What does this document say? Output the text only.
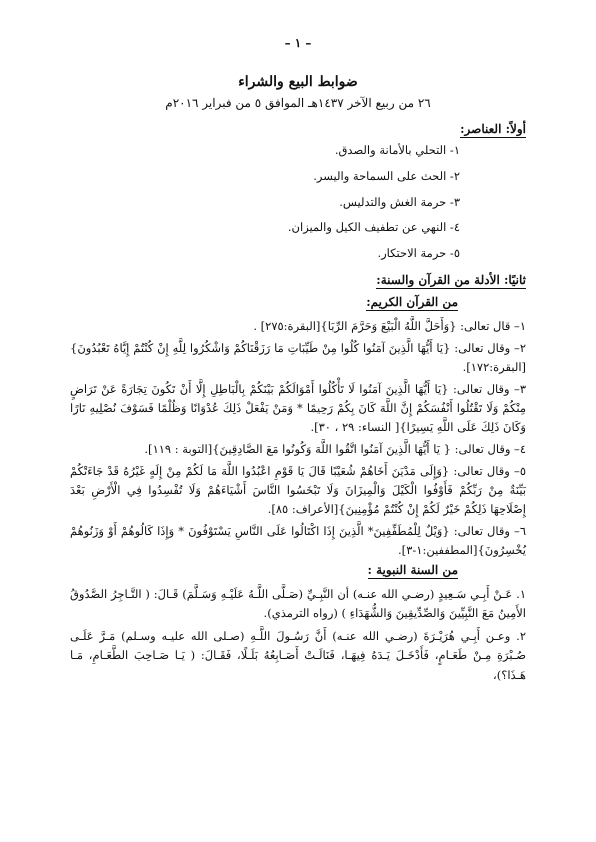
– ١ –
ضوابط البيع والشراء
٢٦ من ربيع الآخر ١٤٣٧هـ الموافق ٥ من فبراير ٢٠١٦م
أولاً: العناصر:
١- التحلي بالأمانة والصدق.
٢- الحث على السماحة واليسر.
٣- حرمة الغش والتدليس.
٤- النهي عن تطفيف الكيل والميزان.
٥- حرمة الاحتكار.
ثانيًا: الأدلة من القرآن والسنة:
من القرآن الكريم:

١– قال تعالى: {وَأَحَلَّ اللَّهُ الْبَيْعَ وَحَرَّمَ الرِّبَا}[البقرة:٢٧٥] .

٢– وقال تعالى: {يَا أَيُّهَا الَّذِينَ آمَنُوا كُلُوا مِنْ طَيِّبَاتِ مَا رَزَقْنَاكُمْ وَاشْكُرُوا لِلَّهِ إِنْ كُنْتُمْ إِيَّاهُ تَعْبُدُونَ}[البقرة:١٧٢].

٣– وقال تعالى: {يَا أَيُّهَا الَّذِينَ آمَنُوا لَا تَأْكُلُوا أَمْوَالَكُمْ بَيْنَكُمْ بِالْبَاطِلِ إِلَّا أَنْ تَكُونَ تِجَارَةً عَنْ تَرَاضٍ مِنْكُمْ وَلَا تَقْتُلُوا أَنْفُسَكُمْ إِنَّ اللَّهَ كَانَ بِكُمْ رَحِيمًا * وَمَنْ يَفْعَلْ ذَلِكَ عُدْوَانًا وَظُلْمًا فَسَوْفَ نُصْلِيهِ نَارًا وَكَانَ ذَلِكَ عَلَى اللَّهِ يَسِيرًا}[ النساء: ٢٩ ، ٣٠].

٤– وقال تعالى: { يَا أَيُّهَا الَّذِينَ آمَنُوا اتَّقُوا اللَّهَ وَكُونُوا مَعَ الصَّادِقِينَ}[التوبة : ١١٩].

٥– وقال تعالى: {وَإِلَى مَدْيَنَ أَخَاهُمْ شُعَيْبًا قَالَ يَا قَوْمِ اعْبُدُوا اللَّهَ مَا لَكُمْ مِنْ إِلَهٍ غَيْرُهُ قَدْ جَاءَتْكُمْ بَيِّنَةٌ مِنْ رَبِّكُمْ فَأَوْفُوا الْكَيْلَ وَالْمِيزَانَ وَلَا تَبْخَسُوا النَّاسَ أَشْيَاءَهُمْ وَلَا تُفْسِدُوا فِي الْأَرْضِ بَعْدَ إِصْلَاحِهَا ذَلِكُمْ خَيْرٌ لَكُمْ إِنْ كُنْتُمْ مُؤْمِنِينَ}[الأعراف: ٨٥].

٦– وقال تعالى: {وَيْلٌ لِلْمُطَفِّفِينَ* الَّذِينَ إِذَا اكْتَالُوا عَلَى النَّاسِ يَسْتَوْفُونَ * وَإِذَا كَالُوهُمْ أَوْ وَزَنُوهُمْ يُخْسِرُونَ}[المطففين:١-٣].

من السنة النبوية :

١. عَـنْ أَبِـي سَـعِيدٍ (رضـي الله عنـه) أن النَّبِـيِّ (صَـلَّى اللَّـهُ عَلَيْـهِ وَسَـلَّمَ) قَـالَ: ( التَّـاجِرُ الصَّدُوقُ الأَمِينُ مَعَ النَّبِيِّينَ وَالصِّدِّيقِينَ وَالشُّهَدَاءِ ) (رواه الترمذي).

٢. وعـن أَبِـي هُرَيْـرَةَ (رضـي الله عنـه) أَنَّ رَسُـولَ اللَّـهِ (صـلى الله عليـه وسـلم) مَـرَّ عَلَـى صُـبْرَةِ مِـنْ طَعَـامٍ، فَأَدْخَـلَ يَـدَهُ فِيهَـا، فَنَالَـتْ أَصَـابِعُهُ بَلَـلًا، فَقَـالَ: ( يَـا صَـاحِبَ الطَّعَـامِ، مَـا هَـذَا؟)،
